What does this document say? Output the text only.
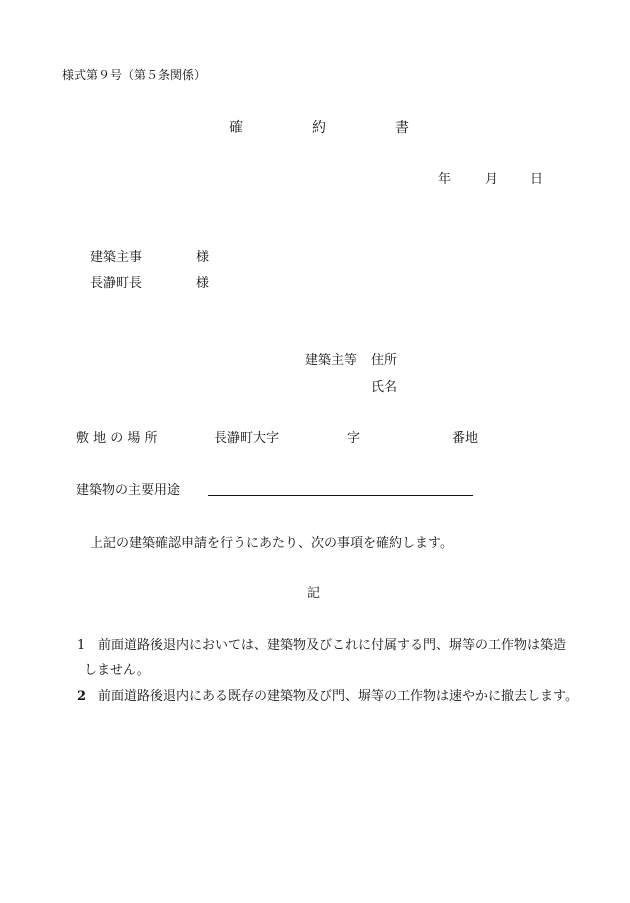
様式第９号（第５条関係）
確	約	書
年	月 日
建築主事	様
長瀞町長	様
建築主等 住所
氏名
敷 地 の 場 所	長瀞町大字	字	番地
建築物の主要用途
上記の建築確認申請を行うにあたり、次の事項を確約します。
記
1 前面道路後退内においては、建築物及びこれに付属する門、塀等の工作物は築造
しません。
2 前面道路後退内にある既存の建築物及び門、塀等の工作物は速やかに撤去します。
